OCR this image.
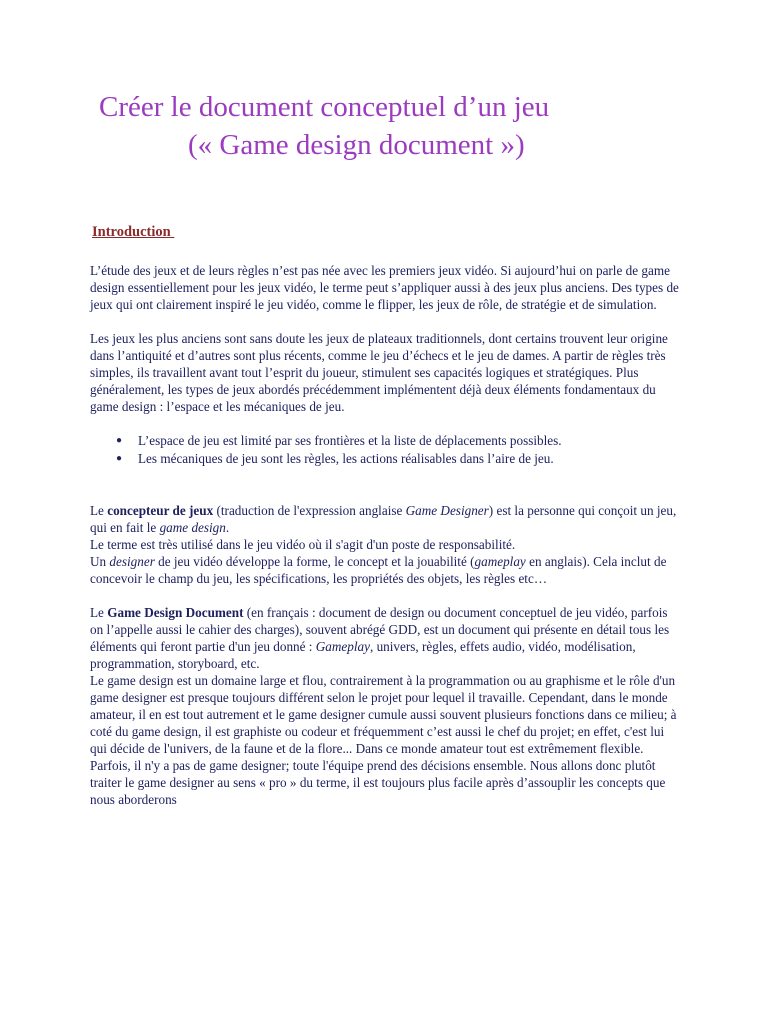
Créer le document conceptuel d’un jeu
(« Game design document »)
Introduction

L’étude des jeux et de leurs règles n’est pas née avec les premiers jeux vidéo. Si aujourd’hui on parle de game design essentiellement pour les jeux vidéo, le terme peut s’appliquer aussi à des jeux plus anciens. Des types de jeux qui ont clairement inspiré le jeu vidéo, comme le flipper, les jeux de rôle, de stratégie et de simulation.

Les jeux les plus anciens sont sans doute les jeux de plateaux traditionnels, dont certains trouvent leur origine dans l’antiquité et d’autres sont plus récents, comme le jeu d’échecs et le jeu de dames. A partir de règles très simples, ils travaillent avant tout l’esprit du joueur, stimulent ses capacités logiques et stratégiques. Plus généralement, les types de jeux abordés précédemment implémentent déjà deux éléments fondamentaux du game design : l’espace et les mécaniques de jeu.

● L’espace de jeu est limité par ses frontières et la liste de déplacements possibles.
● Les mécaniques de jeu sont les règles, les actions réalisables dans l’aire de jeu.

Le concepteur de jeux (traduction de l'expression anglaise Game Designer) est la personne qui conçoit un jeu, qui en fait le game design.
Le terme est très utilisé dans le jeu vidéo où il s'agit d'un poste de responsabilité.
Un designer de jeu vidéo développe la forme, le concept et la jouabilité (gameplay en anglais). Cela inclut de concevoir le champ du jeu, les spécifications, les propriétés des objets, les règles etc…

Le Game Design Document (en français : document de design ou document conceptuel de jeu vidéo, parfois on l’appelle aussi le cahier des charges), souvent abrégé GDD, est un document qui présente en détail tous les éléments qui feront partie d'un jeu donné : Gameplay, univers, règles, effets audio, vidéo, modélisation, programmation, storyboard, etc.
Le game design est un domaine large et flou, contrairement à la programmation ou au graphisme et le rôle d'un game designer est presque toujours différent selon le projet pour lequel il travaille. Cependant, dans le monde amateur, il en est tout autrement et le game designer cumule aussi souvent plusieurs fonctions dans ce milieu; à coté du game design, il est graphiste ou codeur et fréquemment c’est aussi le chef du projet; en effet, c'est lui qui décide de l'univers, de la faune et de la flore... Dans ce monde amateur tout est extrêmement flexible. Parfois, il n'y a pas de game designer; toute l'équipe prend des décisions ensemble. Nous allons donc plutôt traiter le game designer au sens « pro » du terme, il est toujours plus facile après d’assouplir les concepts que nous aborderons
